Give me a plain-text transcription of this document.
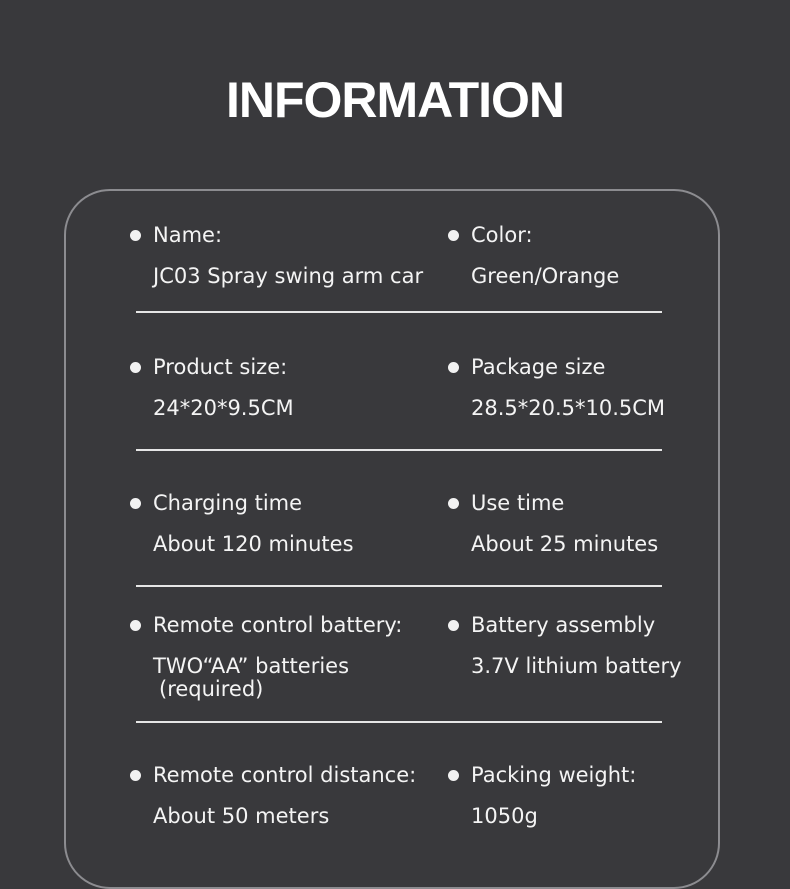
INFORMATION
Name:
JC03 Spray swing arm car
Color:
Green/Orange
Product size:
24*20*9.5CM
Package size
28.5*20.5*10.5CM
Charging time
About 120 minutes
Use time
About 25 minutes
Remote control battery:
TWO“AA” batteries
(required)
Battery assembly
3.7V lithium battery
Remote control distance:
About 50 meters
Packing weight:
1050g
